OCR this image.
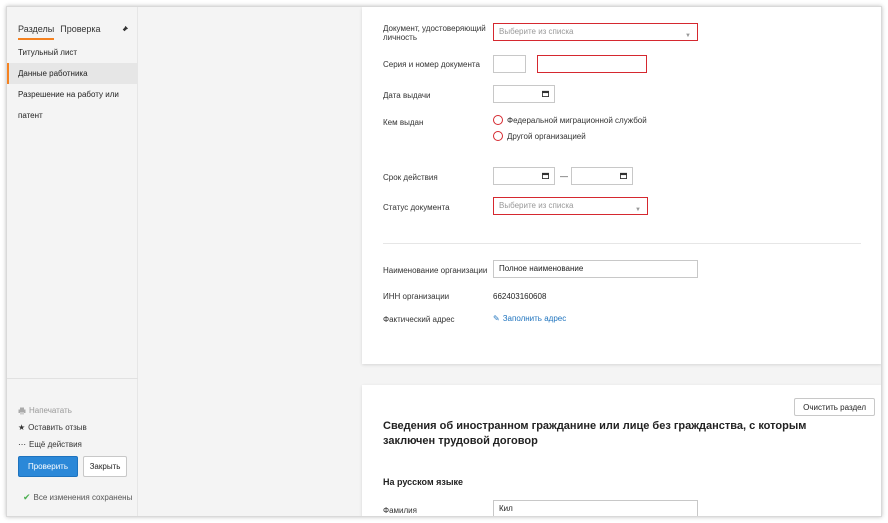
Разделы Проверка
Титульный лист
Данные работника
Разрешение на работу или патент
Напечатать
★ Оставить отзыв
⋯ Ещё действия
Проверить	Закрыть
✔ Все изменения сохранены
Документ, удостоверяющий личность
Выберите из списка	▼
Серия и номер документа
Дата выдачи
Кем выдан	Федеральной миграционной службой
Другой организацией
Срок действия	—
Статус документа	Выберите из списка	▼
Наименование организации	Полное наименование
ИНН организации	662403160608
Фактический адрес	✎ Заполнить адрес
Очистить раздел
Сведения об иностранном гражданине или лице без гражданства, с которым заключен трудовой договор
На русском языке
Фамилия	Кил
